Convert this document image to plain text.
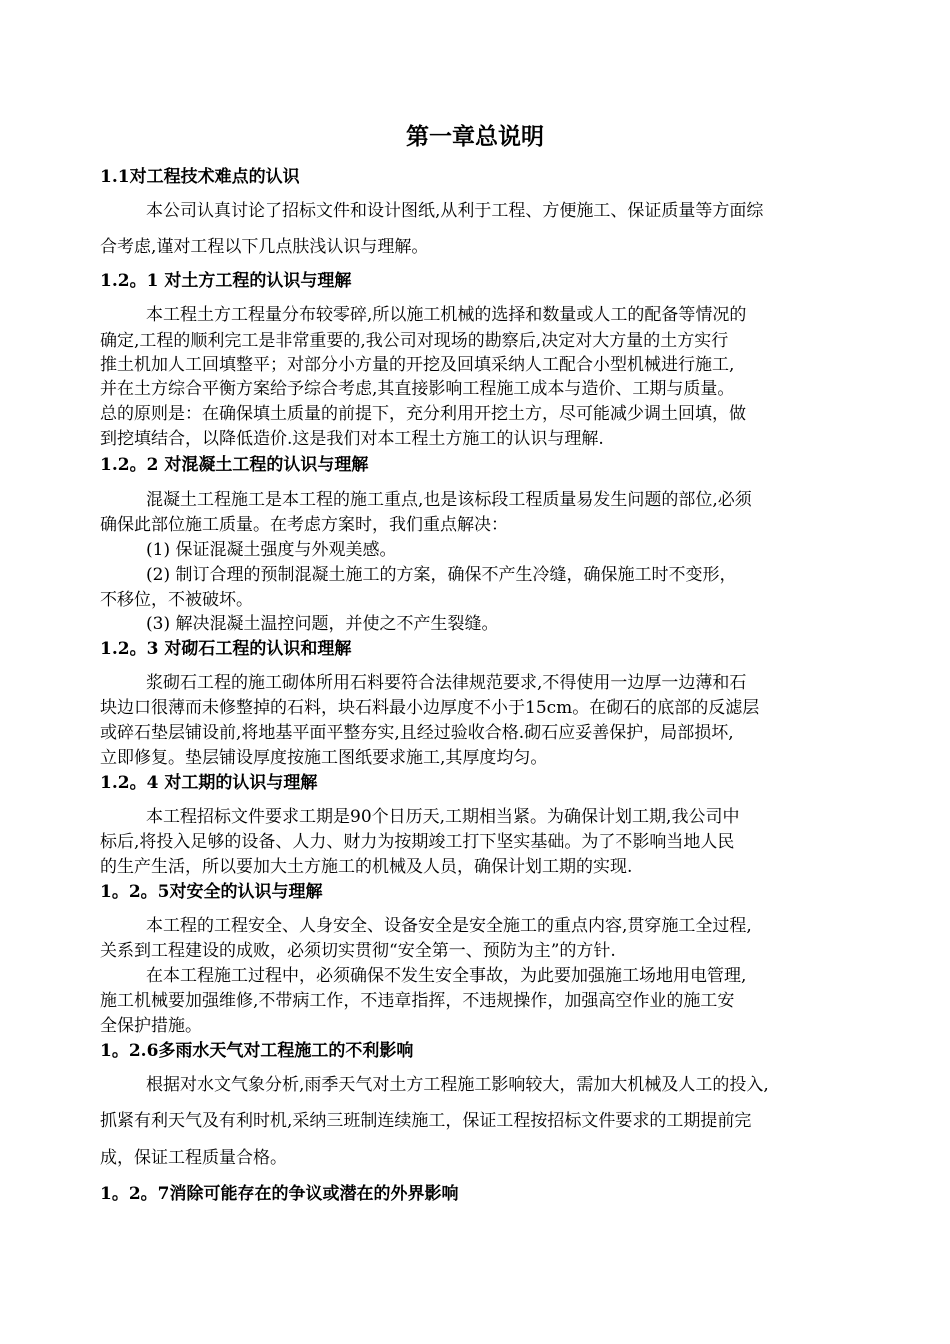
第一章总说明
1.1对工程技术难点的认识
本公司认真讨论了招标文件和设计图纸,从利于工程、方便施工、保证质量等方面综
合考虑,谨对工程以下几点肤浅认识与理解。
1.2。1 对土方工程的认识与理解
本工程土方工程量分布较零碎,所以施工机械的选择和数量或人工的配备等情况的
确定,工程的顺利完工是非常重要的,我公司对现场的勘察后,决定对大方量的土方实行
推土机加人工回填整平；对部分小方量的开挖及回填采纳人工配合小型机械进行施工,
并在土方综合平衡方案给予综合考虑,其直接影响工程施工成本与造价、工期与质量。
总的原则是：在确保填土质量的前提下，充分利用开挖土方，尽可能减少调土回填，做
到挖填结合，以降低造价.这是我们对本工程土方施工的认识与理解.
1.2。2 对混凝土工程的认识与理解
混凝土工程施工是本工程的施工重点,也是该标段工程质量易发生问题的部位,必须
确保此部位施工质量。在考虑方案时，我们重点解决：
(1) 保证混凝土强度与外观美感。
(2) 制订合理的预制混凝土施工的方案，确保不产生冷缝，确保施工时不变形，
不移位，不被破坏。
(3) 解决混凝土温控问题，并使之不产生裂缝。
1.2。3 对砌石工程的认识和理解
浆砌石工程的施工砌体所用石料要符合法律规范要求,不得使用一边厚一边薄和石
块边口很薄而未修整掉的石料，块石料最小边厚度不小于15cm。在砌石的底部的反滤层
或碎石垫层铺设前,将地基平面平整夯实,且经过验收合格.砌石应妥善保护，局部损坏,
立即修复。垫层铺设厚度按施工图纸要求施工,其厚度均匀。
1.2。4 对工期的认识与理解
本工程招标文件要求工期是90个日历天,工期相当紧。为确保计划工期,我公司中
标后,将投入足够的设备、人力、财力为按期竣工打下坚实基础。为了不影响当地人民
的生产生活，所以要加大土方施工的机械及人员，确保计划工期的实现.
1。2。5对安全的认识与理解
本工程的工程安全、人身安全、设备安全是安全施工的重点内容,贯穿施工全过程,
关系到工程建设的成败，必须切实贯彻“安全第一、预防为主”的方针.
在本工程施工过程中，必须确保不发生安全事故，为此要加强施工场地用电管理,
施工机械要加强维修,不带病工作，不违章指挥，不违规操作，加强高空作业的施工安
全保护措施。
1。2.6多雨水天气对工程施工的不利影响
根据对水文气象分析,雨季天气对土方工程施工影响较大，需加大机械及人工的投入,
抓紧有利天气及有利时机,采纳三班制连续施工，保证工程按招标文件要求的工期提前完
成，保证工程质量合格。
1。2。7消除可能存在的争议或潜在的外界影响
